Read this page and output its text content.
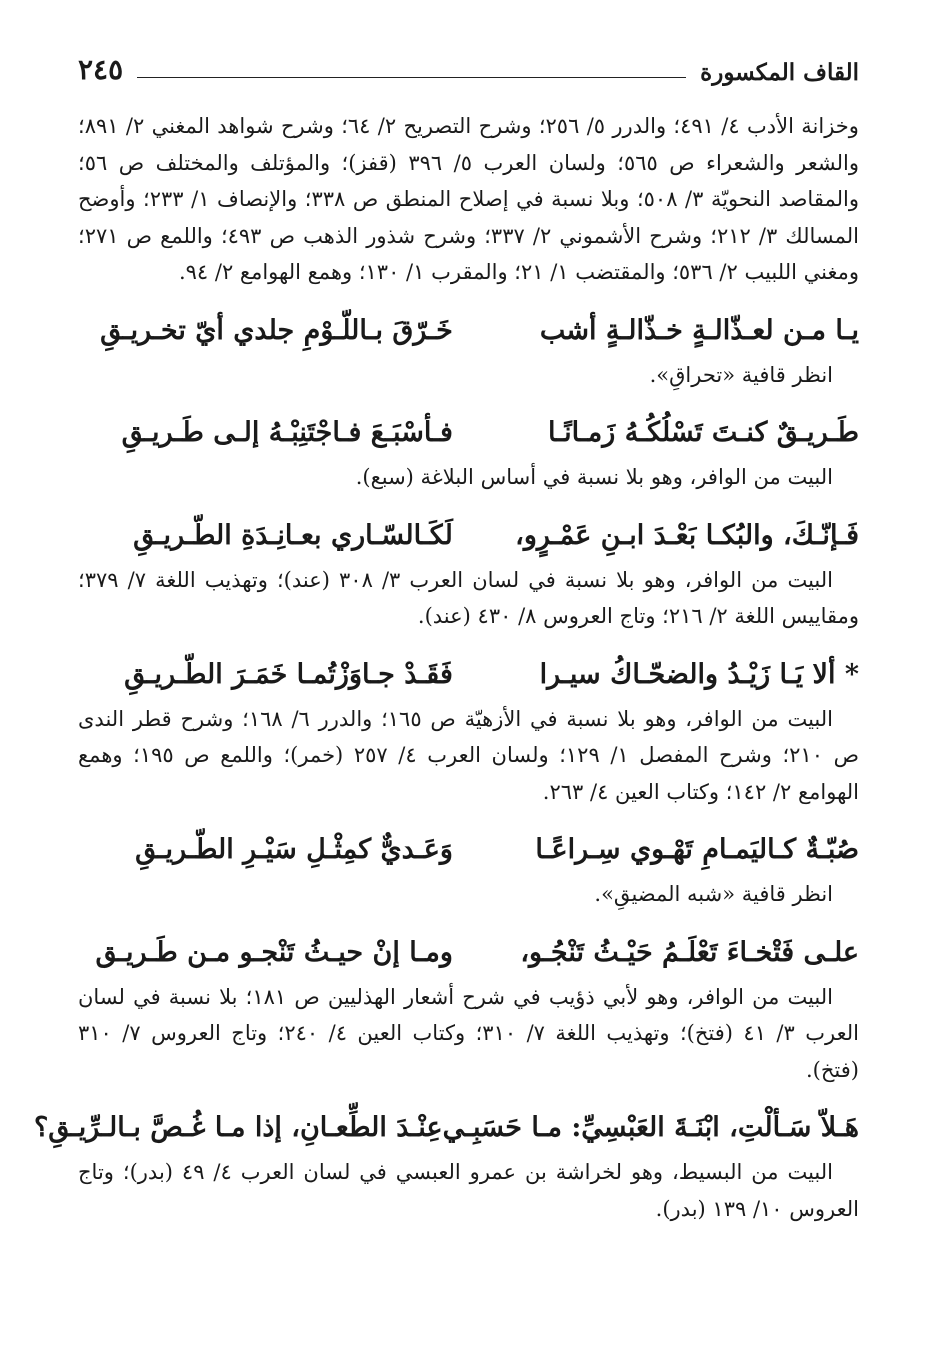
القاف المكسورة
٢٤٥

وخزانة الأدب ٤/ ٤٩١؛ والدرر ٥/ ٢٥٦؛ وشرح التصريح ٢/ ٦٤؛ وشرح شواهد المغني ٢/ ٨٩١؛ والشعر والشعراء ص ٥٦٥؛ ولسان العرب ٥/ ٣٩٦ (قفز)؛ والمؤتلف والمختلف ص ٥٦؛ والمقاصد النحويّة ٣/ ٥٠٨؛ وبلا نسبة في إصلاح المنطق ص ٣٣٨؛ والإنصاف ١/ ٢٣٣؛ وأوضح المسالك ٣/ ٢١٢؛ وشرح الأشموني ٢/ ٣٣٧؛ وشرح شذور الذهب ص ٤٩٣؛ واللمع ص ٢٧١؛ ومغني اللبيب ٢/ ٥٣٦؛ والمقتضب ١/ ٢١؛ والمقرب ١/ ١٣٠؛ وهمع الهوامع ٢/ ٩٤.

يـا مـن لعـذّالـةٍ خـذّالـةٍ أشب
خَـرّقَ بـاللّـوْمِ جلدي أيّ تخـريـقِ

انظر قافية «تحراقِ».

طَـريـقٌ كنـتَ تَسْلُكُـهُ زَمـانًـا
فـأسْبَـعَ فـاجْتَنِبْـهُ إلـى طَـريـقِ

البيت من الوافر، وهو بلا نسبة في أساس البلاغة (سبع).

فَـإنّـكَ، والبُكـا بَعْـدَ ابـنِ عَمْـرٍو،
لَكَـالسّـاري بعـانِـدَةِ الطّـريـقِ

البيت من الوافر، وهو بلا نسبة في لسان العرب ٣/ ٣٠٨ (عند)؛ وتهذيب اللغة ٧/ ٣٧٩؛ ومقاييس اللغة ٢/ ٢١٦؛ وتاج العروس ٨/ ٤٣٠ (عند).

* ألا يَـا زَيْـدُ والضحّـاكُ سيـرا
فَقَـدْ جـاوَزْتُمـا خَمَـرَ الطّـريـقِ

البيت من الوافر، وهو بلا نسبة في الأزهيّة ص ١٦٥؛ والدرر ٦/ ١٦٨؛ وشرح قطر الندى ص ٢١٠؛ وشرح المفصل ١/ ١٢٩؛ ولسان العرب ٤/ ٢٥٧ (خمر)؛ واللمع ص ١٩٥؛ وهمع الهوامع ٢/ ١٤٢؛ وكتاب العين ٤/ ٢٦٣.

صُبّـةٌ كـاليَمـامِ تَهْـوي سِـراعًـا
وَعَـديٌّ كمِثْـلِ سَيْـرِ الطّـريـقِ

انظر قافية «شبه المضيقِ».

علـى فَتْخـاءَ تَعْلَـمُ حَيْـثُ تَنْجُـو،
ومـا إنْ حيـثُ تَنْجـو مـن طَـريـق

البيت من الوافر، وهو لأبي ذؤيب في شرح أشعار الهذليين ص ١٨١؛ بلا نسبة في لسان العرب ٣/ ٤١ (فتخ)؛ وتهذيب اللغة ٧/ ٣١٠؛ وكتاب العين ٤/ ٢٤٠؛ وتاج العروس ٧/ ٣١٠ (فتخ).

هَـلاّ سَـألْتِ، ابْنَـةَ العَبْسِيِّ: مـا حَسَبِـي
عِنْـدَ الطِّعـانِ، إذا مـا غُـصَّ بـالـرِّيـقِ؟

البيت من البسيط، وهو لخراشة بن عمرو العبسي في لسان العرب ٤/ ٤٩ (بدر)؛ وتاج العروس ١٠/ ١٣٩ (بدر).
